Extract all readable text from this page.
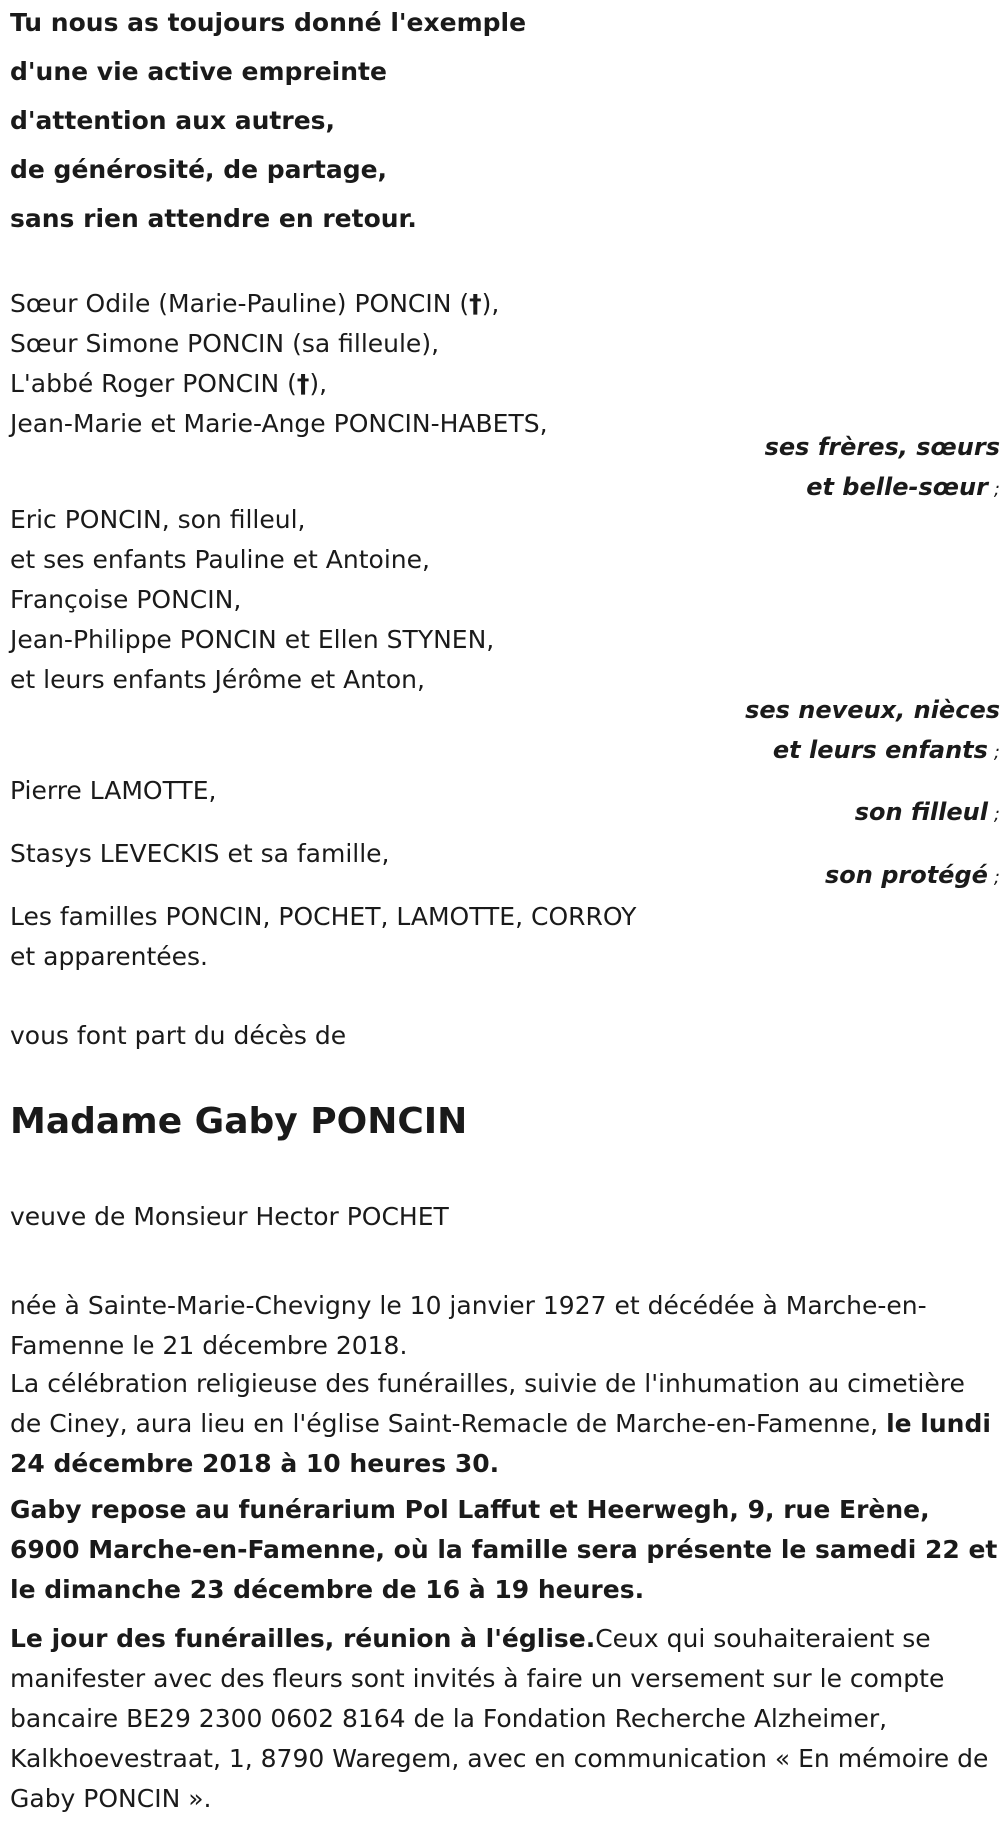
Tu nous as toujours donné l'exemple
d'une vie active empreinte
d'attention aux autres,
de générosité, de partage,
sans rien attendre en retour.
Sœur Odile (Marie-Pauline) PONCIN (†),
Sœur Simone PONCIN (sa filleule),
L'abbé Roger PONCIN (†),
Jean-Marie et Marie-Ange PONCIN-HABETS,
ses frères, sœurs
et belle-sœur ;
Eric PONCIN, son filleul,
et ses enfants Pauline et Antoine,
Françoise PONCIN,
Jean-Philippe PONCIN et Ellen STYNEN,
et leurs enfants Jérôme et Anton,
ses neveux, nièces
et leurs enfants ;
Pierre LAMOTTE,
son filleul ;
Stasys LEVECKIS et sa famille,
son protégé ;
Les familles PONCIN, POCHET, LAMOTTE, CORROY
et apparentées.
vous font part du décès de
Madame Gaby PONCIN
veuve de Monsieur Hector POCHET
née à Sainte-Marie-Chevigny le 10 janvier 1927 et décédée à Marche-en-Famenne le 21 décembre 2018.
La célébration religieuse des funérailles, suivie de l'inhumation au cimetière de Ciney, aura lieu en l'église Saint-Remacle de Marche-en-Famenne, le lundi 24 décembre 2018 à 10 heures 30.
Gaby repose au funérarium Pol Laffut et Heerwegh, 9, rue Erène, 6900 Marche-en-Famenne, où la famille sera présente le samedi 22 et le dimanche 23 décembre de 16 à 19 heures.
Le jour des funérailles, réunion à l'église.Ceux qui souhaiteraient se manifester avec des fleurs sont invités à faire un versement sur le compte bancaire BE29 2300 0602 8164 de la Fondation Recherche Alzheimer, Kalkhoevestraat, 1, 8790 Waregem, avec en communication « En mémoire de Gaby PONCIN ».
